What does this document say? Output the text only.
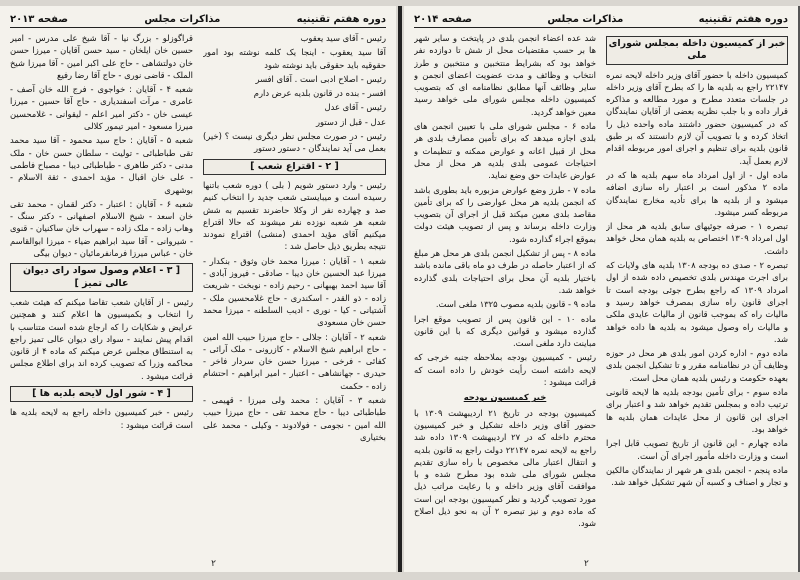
دوره هفتم تقنینیه
مذاکرات مجلس
صفحه ۲۰۱۳

رئیس - آقای سید یعقوب

آقا سید یعقوب - اینجا یک کلمه نوشته بود امور حقوقیه باید حقوقی باید نوشته شود

رئیس - اصلاح ادبی است . آقای افسر

افسر - بنده در قانون بلدیه عرض دارم

رئیس - آقای عدل

عدل - قبل از دستور

رئیس - در صورت مجلس نظر دیگری نیست ؟ (خیر) بعمل می آید نمایندگان - دستور دستور

[ ۲ - اقتراع شعب ]

رئیس - وارد دستور شویم ( بلی ) دوره شعب باتنها رسیده است و میبایستی شعب جدید را انتخاب کنیم صد و چهارده نفر از وکلا حاضرند تقسیم به شش شعبه هر شعبه نوزده نفر میشوند که حالا اقتراع میکنیم آقای مؤید احمدی (منشی) اقتراع نمودند نتیجه بطریق ذیل حاصل شد :

شعبه ۱ - آقایان : میرزا محمد خان وثوق - بنکدار - میرزا عبد الحسین خان دیبا - صادقی - فیروز آبادی - آقا سید احمد بهبهانی - رحیم زاده - نوبخت - شریعت زاده - ذو القدر - اسکندری - حاج غلامحسین ملک - آشتیانی - کیا - نوری - ادیب السلطنه - میرزا محمد حسن خان مسعودی

شعبه ۲ - آقایان : جلالی - حاج میرزا حبیب الله امین - حاج ابراهیم شیخ الاسلام - کازرونی - ملک آرائی - کفائی - فرخی - میرزا حسن خان سردار فاخر - حیدری - جهانشاهی - اعتبار - امیر ابراهیم - احتشام زاده - حکمت

شعبه ۳ - آقایان : محمد ولی میرزا - قهیمی - طباطبائی دیبا - حاج محمد تقی - حاج میرزا حبیب الله امین - نجومی - فولادوند - وکیلی - محمد علی بختیاری

قراگوزلو - بزرگ نیا - آقا شیخ علی مدرس - امیر حسین خان ایلخان - سید حسن آقایان - میرزا حسن خان دولتشاهی - حاج علی اکبر امین - آقا میرزا شیخ الملک - قاضی نوری - حاج آقا رضا رفیع

شعبه ۴ - آقایان : خواجوی - فرج الله خان آصف - عامری - مرآت اسفندیاری - حاج آقا حسین - میرزا عیسی خان - دکتر امیر اعلم - لیقوانی - غلامحسین میرزا مسعود - امیر تیمور کلالی

شعبه ۵ - آقایان : حاج سید محمود - آقا سید محمد تقی طباطبائی - تولیت - سلطان حسن خان - ملک مدنی - دکتر طاهری - طباطبائی دیبا - مصباح فاطمی - علی خان اقبال - مؤید احمدی - ثقة الاسلام - بوشهری

شعبه ۶ - آقایان : اعتبار - دکتر لقمان - محمد تقی خان اسعد - شیخ الاسلام اصفهانی - دکتر سنگ - وهاب زاده - ملک زاده - سهراب خان ساکنیان - قنوی - شیروانی - آقا سید ابراهیم ضیاء - میرزا ابوالقاسم خان - عباس میرزا فرمانفرمائیان - دیوان بیگی

[ ۳ - اعلام وصول سواد رای دیوان عالی تمیز ]

رئیس - از آقایان شعب تقاضا میکنم که هیئت شعب را انتخاب و بکمیسیون ها اعلام کنند و همچنین عرایض و شکایات را که ارجاع شده است متناسب با اقدام پیش نمایند - سواد رای دیوان عالی تمیز راجع به استنطاق مجلس عرض میکنم که ماده ۴ از قانون محاکمه وزرا که تصویب کرده اند برای اطلاع مجلس قرائت میشود .

[ ۴ - شور اول لایحه بلدیه ها ]

رئیس - خبر کمیسیون داخله راجع به لایحه بلدیه ها است قرائت میشود :

۲
دوره هفتم تقنینیه
مذاکرات مجلس
صفحه ۲۰۱۴
خبر از کمیسیون داخله بمجلس شورای ملی

کمیسیون داخله با حضور آقای وزیر داخله لایحه نمره ۲۲۱۴۷ راجع به بلدیه ها را که بطرح آقای وزیر داخله در جلسات متعدد مطرح و مورد مطالعه و مذاکره قرار داده و با جلب نظریه بعضی از آقایان نمایندگان که در کمیسیون حضور داشتند ماده واحده ذیل را اتخاذ کرده و با تصویب آن لازم دانستند که بر طبق قانون بلدیه برای تنظیم و اجرای امور مربوطه اقدام لازم بعمل آید.

ماده اول - از اول امرداد ماه سهم بلدیه ها که در ماده ۲ مذکور است بر اعتبار راه سازی اضافه میشود و از بلدیه ها برای تأدیه مخارج نمایندگان مربوطه کسر میشود.

تبصره ۱ - صرفه جوئیهای سابق بلدیه هر محل از اول امرداد ۱۳۰۹ اختصاص به بلدیه همان محل خواهد داشت.

تبصره ۲ - صدی ده بودجه ۱۳۰۸ بلدیه های ولایات که برای اجرت مهندس بلدی تخصیص داده شده از اول امرداد ۱۳۰۹ که راجع بطرح جوئی بودجه است تا اجرای قانون راه سازی بمصرف خواهد رسید و مالیات راه که بموجب قانون از مالیات عایدی ملکی و مالیات راه وصول میشود به بلدیه ها داده خواهد شد.

ماده دوم - اداره کردن امور بلدی هر محل در حوزه وظایف آن در نظامنامه مقرر و تا تشکیل انجمن بلدی بعهده حکومت و رئیس بلدیه همان محل است.

ماده سوم - برای تأمین بودجه بلدیه ها لایحه قانونی ترتیب داده و بمجلس تقدیم خواهد شد و اعتبار برای اجرای این قانون از محل عایدات همان بلدیه ها خواهد بود.

ماده چهارم - این قانون از تاریخ تصویب قابل اجرا است و وزارت داخله مأمور اجرای آن است.

ماده پنجم - انجمن بلدی هر شهر از نمایندگان مالکین و تجار و اصناف و کسبه آن شهر تشکیل خواهد شد.

شد عده اعضاء انجمن بلدی در پایتخت و سایر شهر ها بر حسب مقتضیات محل از شش تا دوازده نفر خواهد بود که بشرایط منتخبین و منتخبین و طرز انتخاب و وظائف و مدت عضویت اعضای انجمن و سایر وظائف آنها مطابق نظامنامه ای که بتصویب کمیسیون داخله مجلس شورای ملی خواهد رسید معین خواهد گردید.

ماده ۶ - مجلس شورای ملی با تعیین انجمن های بلدی اجازه میدهد که برای تأمین مصارف بلدی هر محل از قبیل اعانه و عوارض ممکنه و تنظیمات و احتیاجات عمومی بلدی بلدیه هر محل از محل عوارض عایدات حق وضع نماید.

ماده ۷ - طرز وضع عوارض مزبوره باید بطوری باشد که انجمن بلدیه هر محل عوارضی را که برای تأمین مقاصد بلدی معین میکند قبل از اجرای آن بتصویب وزارت داخله برساند و پس از تصویب هیئت دولت بموقع اجراء گذارده شود.

ماده ۸ - پس از تشکیل انجمن بلدی هر محل هر مبلغ که از اعتبار حاصله در طرف دو ماه باقی مانده باشد باختیار بلدیه آن محل برای احتیاجات بلدی گذارده خواهد شد.

ماده ۹ - قانون بلدیه مصوب ۱۳۲۵ ملغی است.

ماده ۱۰ - این قانون پس از تصویب موقع اجرا گذارده میشود و قوانین دیگری که با این قانون مباینت دارد ملغی است.

رئیس - کمیسیون بودجه بملاحظه جنبه خرجی که لایحه داشته است رأیت خودش را داده است که قرائت میشود :

خبر کمیسیون بودجه

کمیسیون بودجه در تاریخ ۲۱ اردیبهشت ۱۳۰۹ با حضور آقای وزیر داخله تشکیل و خبر کمیسیون محترم داخله که در ۲۷ اردیبهشت ۱۳۰۹ داده شد راجع به لایحه نمره ۲۲۱۴۷ دولت راجع به قانون بلدیه و انتقال اعتبار مالی مخصوص با راه سازی تقدیم مجلس شورای ملی شده بود مطرح شده و با موافقت آقای وزیر داخله و با رعایت مراتب ذیل مورد تصویب گردید و نظر کمیسیون بودجه این است که ماده دوم و نیز تبصره ۲ آن به نحو ذیل اصلاح شود.

۲
